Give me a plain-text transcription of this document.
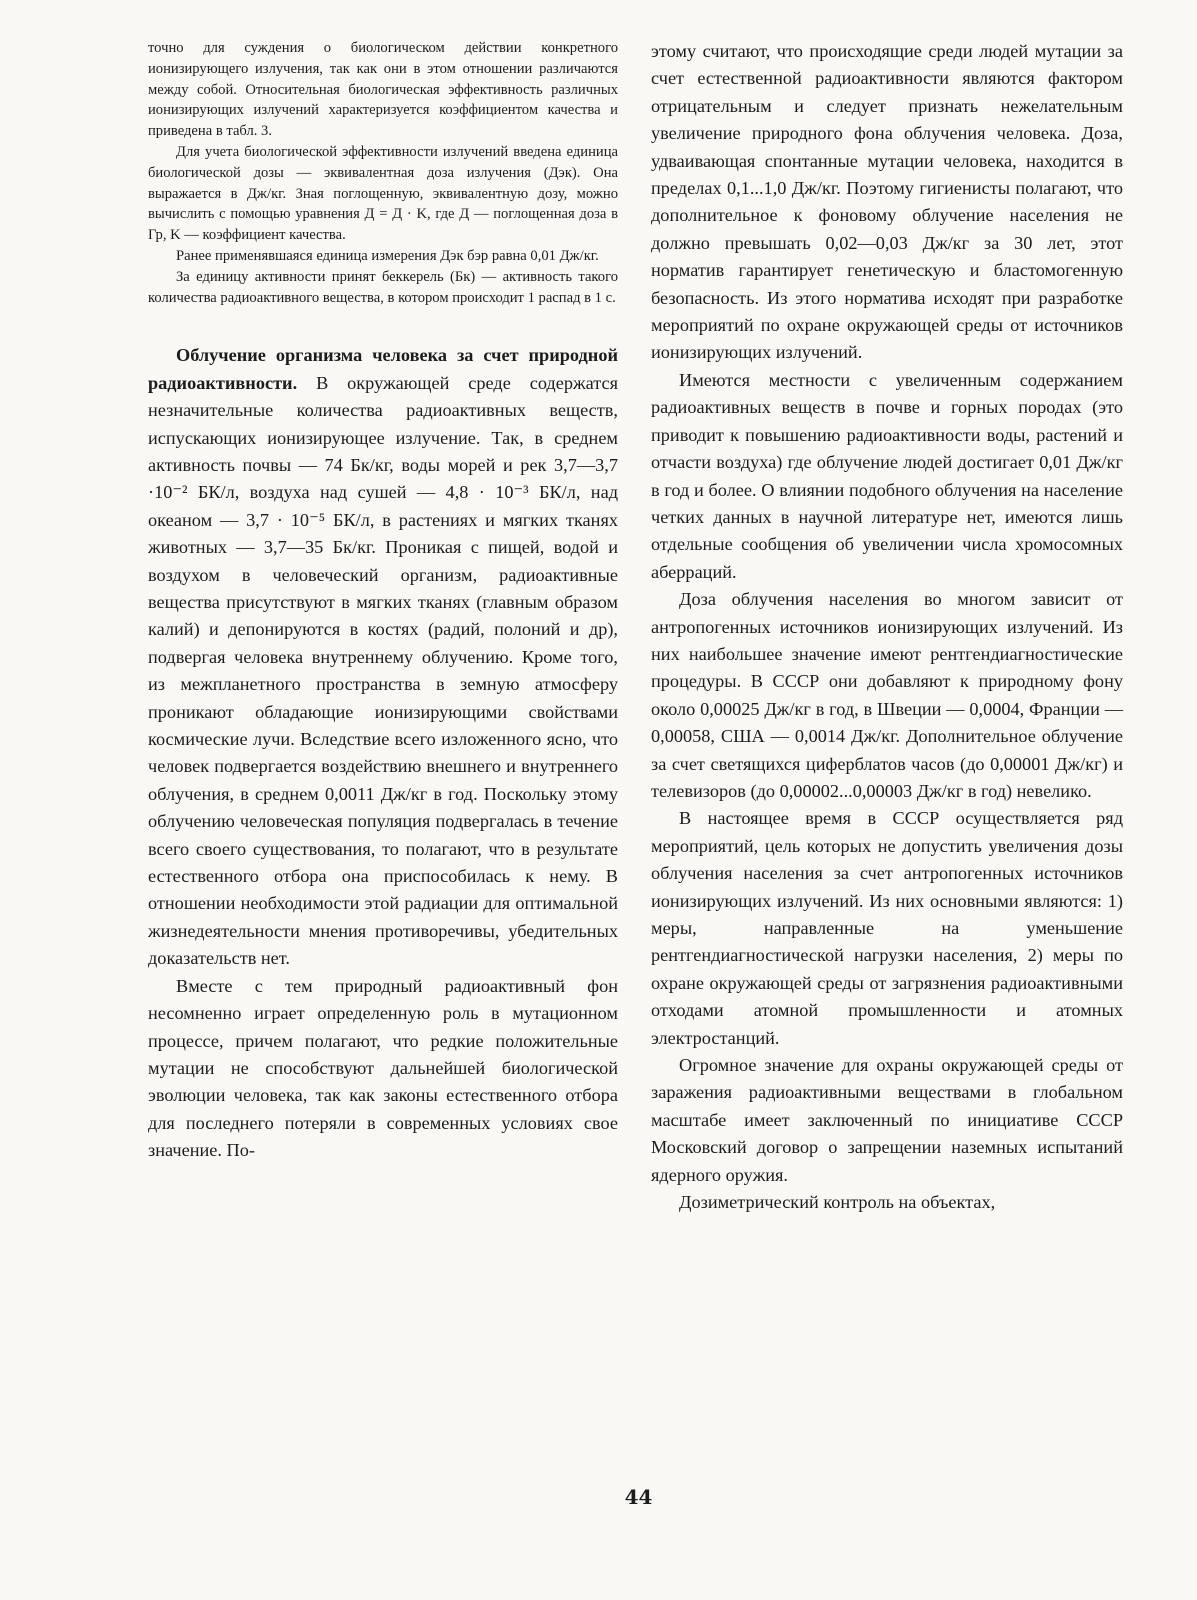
точно для суждения о биологическом действии конкретного ионизирующего излучения, так как они в этом отношении различаются между собой. Относительная биологическая эффективность различных ионизирующих излучений характеризуется коэффициентом качества и приведена в табл. 3.

Для учета биологической эффективности излучений введена единица биологической дозы — эквивалентная доза излучения (Дэк). Она выражается в Дж/кг. Зная поглощенную, эквивалентную дозу, можно вычислить с помощью уравнения Д = Д · K, где Д — поглощенная доза в Гр, K — коэффициент качества.

Ранее применявшаяся единица измерения Дэк бэр равна 0,01 Дж/кг.

За единицу активности принят беккерель (Бк) — активность такого количества радиоактивного вещества, в котором происходит 1 распад в 1 с.

Облучение организма человека за счет природной радиоактивности. В окружающей среде содержатся незначительные количества радиоактивных веществ, испускающих ионизирующее излучение. Так, в среднем активность почвы — 74 Бк/кг, воды морей и рек 3,7—3,7 ·10⁻² БК/л, воздуха над сушей — 4,8 · 10⁻³ БК/л, над океаном — 3,7 · 10⁻⁵ БК/л, в растениях и мягких тканях животных — 3,7—35 Бк/кг. Проникая с пищей, водой и воздухом в человеческий организм, радиоактивные вещества присутствуют в мягких тканях (главным образом калий) и депонируются в костях (радий, полоний и др), подвергая человека внутреннему облучению. Кроме того, из межпланетного пространства в земную атмосферу проникают обладающие ионизирующими свойствами космические лучи. Вследствие всего изложенного ясно, что человек подвергается воздействию внешнего и внутреннего облучения, в среднем 0,0011 Дж/кг в год. Поскольку этому облучению человеческая популяция подвергалась в течение всего своего существования, то полагают, что в результате естественного отбора она приспособилась к нему. В отношении необходимости этой радиации для оптимальной жизнедеятельности мнения противоречивы, убедительных доказательств нет.

Вместе с тем природный радиоактивный фон несомненно играет определенную роль в мутационном процессе, причем полагают, что редкие положительные мутации не способствуют дальнейшей биологической эволюции человека, так как законы естественного отбора для последнего потеряли в современных условиях свое значение. По-

этому считают, что происходящие среди людей мутации за счет естественной радиоактивности являются фактором отрицательным и следует признать нежелательным увеличение природного фона облучения человека. Доза, удваивающая спонтанные мутации человека, находится в пределах 0,1...1,0 Дж/кг. Поэтому гигиенисты полагают, что дополнительное к фоновому облучение населения не должно превышать 0,02—0,03 Дж/кг за 30 лет, этот норматив гарантирует генетическую и бластомогенную безопасность. Из этого норматива исходят при разработке мероприятий по охране окружающей среды от источников ионизирующих излучений.

Имеются местности с увеличенным содержанием радиоактивных веществ в почве и горных породах (это приводит к повышению радиоактивности воды, растений и отчасти воздуха) где облучение людей достигает 0,01 Дж/кг в год и более. О влиянии подобного облучения на население четких данных в научной литературе нет, имеются лишь отдельные сообщения об увеличении числа хромосомных аберраций.

Доза облучения населения во многом зависит от антропогенных источников ионизирующих излучений. Из них наибольшее значение имеют рентгендиагностические процедуры. В СССР они добавляют к природному фону около 0,00025 Дж/кг в год, в Швеции — 0,0004, Франции — 0,00058, США — 0,0014 Дж/кг. Дополнительное облучение за счет светящихся циферблатов часов (до 0,00001 Дж/кг) и телевизоров (до 0,00002...0,00003 Дж/кг в год) невелико.

В настоящее время в СССР осуществляется ряд мероприятий, цель которых не допустить увеличения дозы облучения населения за счет антропогенных источников ионизирующих излучений. Из них основными являются: 1) меры, направленные на уменьшение рентгендиагностической нагрузки населения, 2) меры по охране окружающей среды от загрязнения радиоактивными отходами атомной промышленности и атомных электростанций.

Огромное значение для охраны окружающей среды от заражения радиоактивными веществами в глобальном масштабе имеет заключенный по инициативе СССР Московский договор о запрещении наземных испытаний ядерного оружия.

Дозиметрический контроль на объектах,

44
